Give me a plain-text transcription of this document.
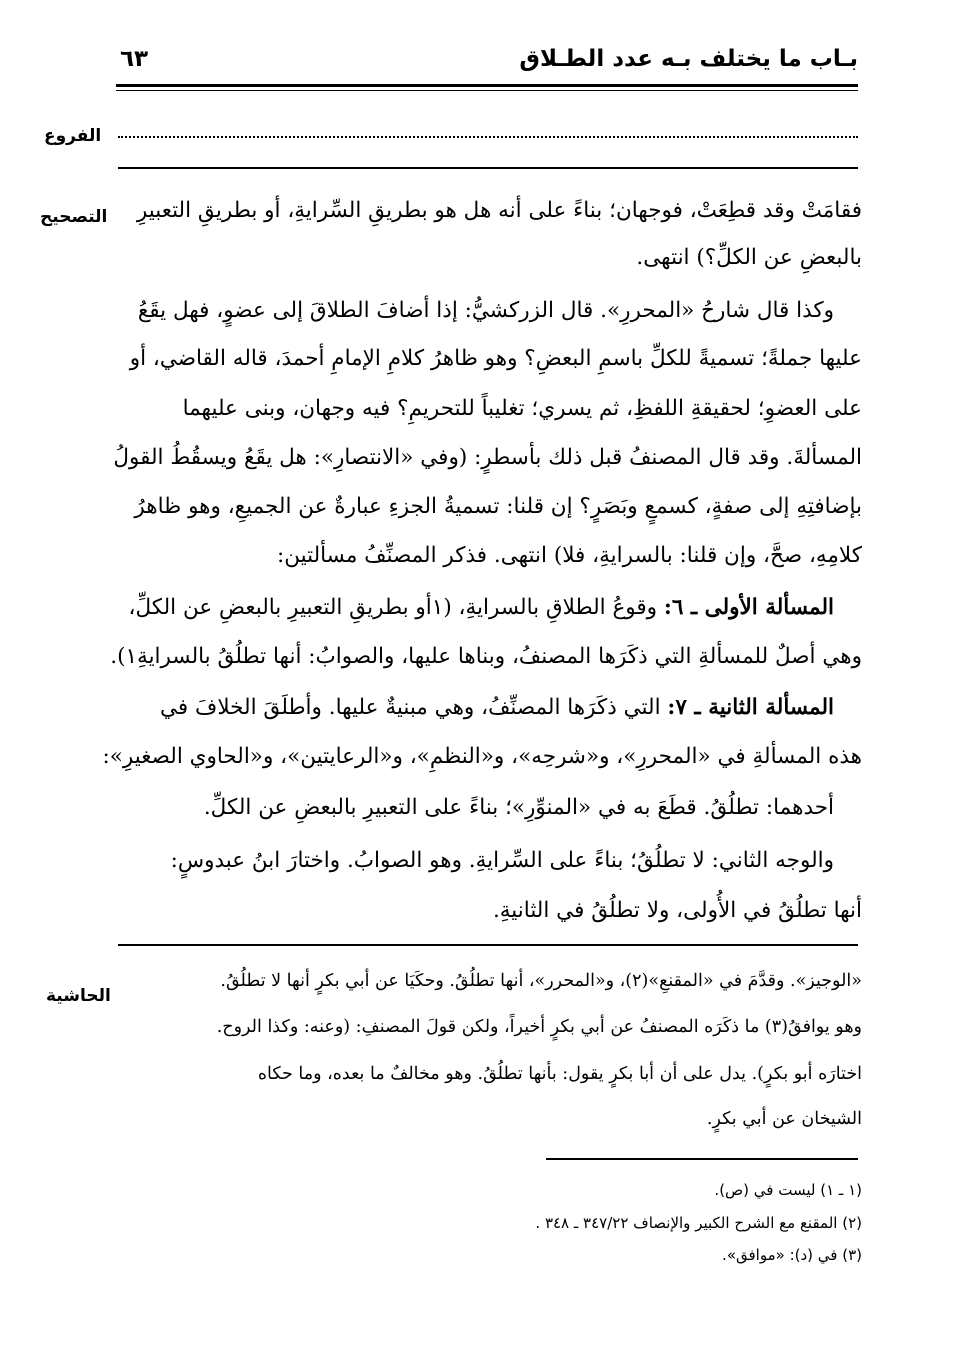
بـاب ما يختلف بـه عدد الطـلاق
٦٣
الفروع
التصحيح	فقامَتْ وقد قطِعَتْ، فوجهان؛ بناءً على أنه هل هو بطريقِ السِّرايةِ، أو بطريقِ التعبيرِ
بالبعضِ عن الكلِّ؟) انتهى.
وكذا قال شارحُ «المحررِ». قال الزركشيُّ: إذا أضافَ الطلاقَ إلى عضوٍ، فهل يقَعُ
عليها جملةً؛ تسميةً للكلِّ باسمِ البعضِ؟ وهو ظاهرُ كلامِ الإمامِ أحمدَ، قاله القاضي، أو
على العضوِ؛ لحقيقةِ اللفظِ، ثم يسري؛ تغليباً للتحريمِ؟ فيه وجهان، وبنى عليهما
المسألةَ. وقد قال المصنفُ قبل ذلك بأسطرٍ: (وفي «الانتصارِ»: هل يقَعُ ويسقُطُ القولُ
بإضافتِهِ إلى صفةٍ، كسمعٍ وبَصَرٍ؟ إن قلنا: تسميةُ الجزءِ عبارةٌ عن الجميعِ، وهو ظاهرُ
كلامِهِ، صحَّ، وإن قلنا: بالسرايةِ، فلا) انتهى. فذكر المصنِّفُ مسألتين:
المسألة الأولى ـ ٦: وقوعُ الطلاقِ بالسرايةِ، (١أو بطريقِ التعبيرِ بالبعضِ عن الكلِّ،
وهي أصلٌ للمسألةِ التي ذكَرَها المصنفُ، وبناها عليها، والصوابُ: أنها تطلُقُ بالسرايةِ١).
المسألة الثانية ـ ٧: التي ذكَرَها المصنِّفُ، وهي مبنيةٌ عليها. وأطلَقَ الخلافَ في
هذه المسألةِ في «المحررِ»، و«شرحِه»، و«النظمِ»، و«الرعايتين»، و«الحاوي الصغيرِ»:
أحدهما: تطلُقُ. قطَعَ به في «المنوِّرِ»؛ بناءً على التعبيرِ بالبعضِ عن الكلِّ.
والوجه الثاني: لا تطلُقُ؛ بناءً على السِّرايةِ. وهو الصوابُ. واختارَ ابنُ عبدوسٍ:
أنها تطلُقُ في الأُولى، ولا تطلُقُ في الثانيةِ.
الحاشية
«الوجيز». وقدَّمَ في «المقنعِ»(٢)، و«المحرر»، أنها تطلُقُ. وحكَيَا عن أبي بكرٍ أنها لا تطلُقُ.
وهو يوافقُ(٣) ما ذكَرَه المصنفُ عن أبي بكرٍ أخيراً، ولكن قولَ المصنفِ: (وعنه: وكذا الروح.
اختارَه أبو بكرٍ). يدل على أن أبا بكرٍ يقول: بأنها تطلُقُ. وهو مخالفٌ ما بعده، وما حكاه
الشيخان عن أبي بكرٍ.
(١ ـ ١) ليست في (ص).
(٢) المقنع مع الشرح الكبير والإنصاف ٣٤٧/٢٢ ـ ٣٤٨ .
(٣) في (د): «موافق».
